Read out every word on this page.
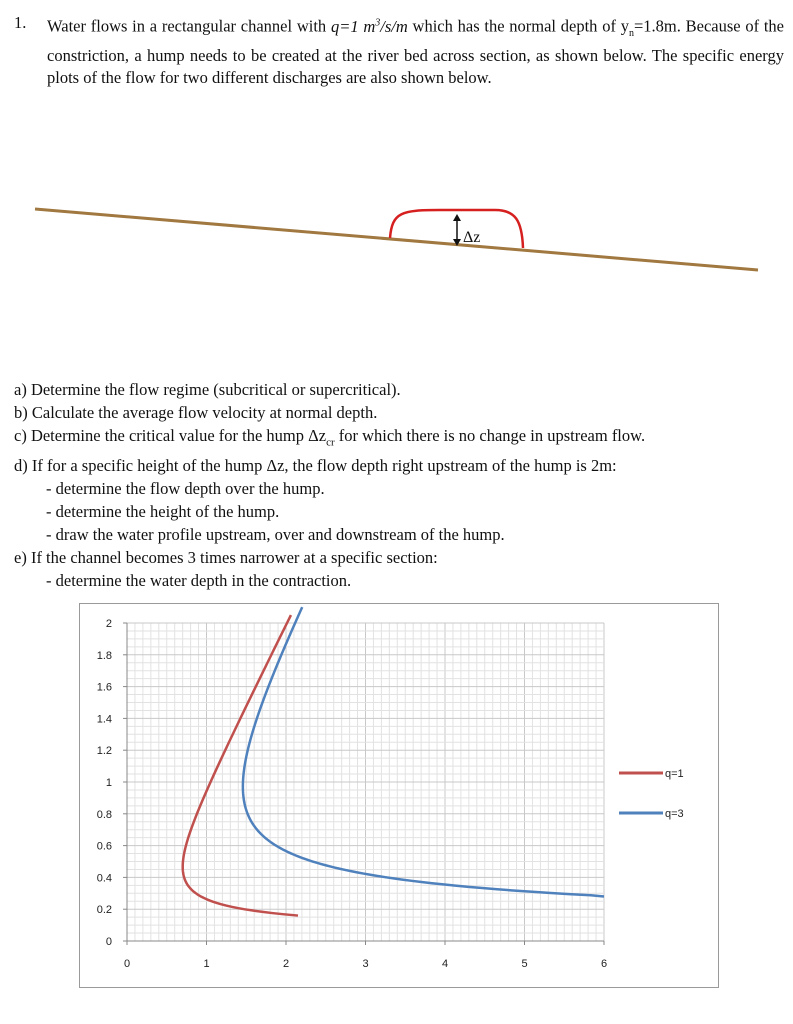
1. Water flows in a rectangular channel with q=1 $m^3/s/m$ which has the normal depth of $y_n=1.8m$. Because of the constriction, a hump needs to be created at the river bed across section, as shown below. The specific energy plots of the flow for two different discharges are also shown below.
Δz
a) Determine the flow regime (subcritical or supercritical).
b) Calculate the average flow velocity at normal depth.
c) Determine the critical value for the hump $\Delta z_{cr}$ for which there is no change in upstream flow.
d) If for a specific height of the hump Δz, the flow depth right upstream of the hump is 2m:
- determine the flow depth over the hump.
- determine the height of the hump.
- draw the water profile upstream, over and downstream of the hump.
e) If the channel becomes 3 times narrower at a specific section:
- determine the water depth in the contraction.
0
0.2
0.4
0.6
0.8
1
1.2
1.4
1.6
1.8
2
0	1	2	3	4	5	6
q=1
q=3
